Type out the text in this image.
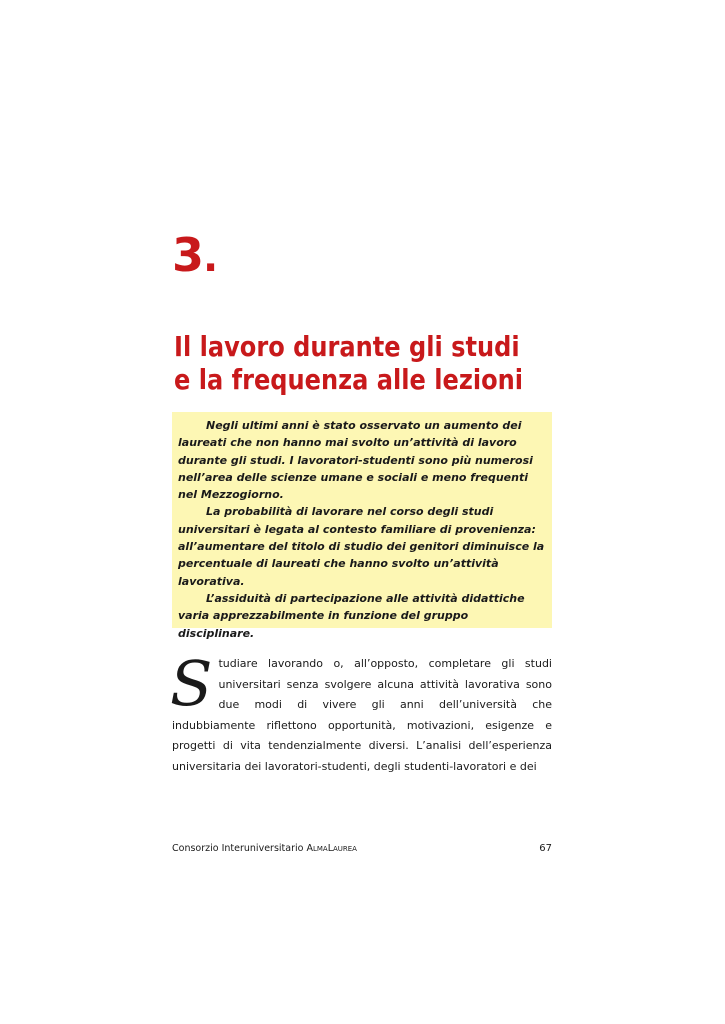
3.
Il lavoro durante gli studi
e la frequenza alle lezioni

Negli ultimi anni è stato osservato un aumento dei laureati che non hanno mai svolto un’attività di lavoro durante gli studi. I lavoratori-studenti sono più numerosi nell’area delle scienze umane e sociali e meno frequenti nel Mezzogiorno.

La probabilità di lavorare nel corso degli studi universitari è legata al contesto familiare di provenienza: all’aumentare del titolo di studio dei genitori diminuisce la percentuale di laureati che hanno svolto un’attività lavorativa.

L’assiduità di partecipazione alle attività didattiche varia apprezzabilmente in funzione del gruppo disciplinare.

Studiare lavorando o, all’opposto, completare gli studi universitari senza svolgere alcuna attività lavorativa sono due modi di vivere gli anni dell’università che indubbiamente riflettono opportunità, motivazioni, esigenze e progetti di vita tendenzialmente diversi. L’analisi dell’esperienza universitaria dei lavoratori-studenti, degli studenti-lavoratori e dei

Consorzio Interuniversitario AlmaLaurea	67
